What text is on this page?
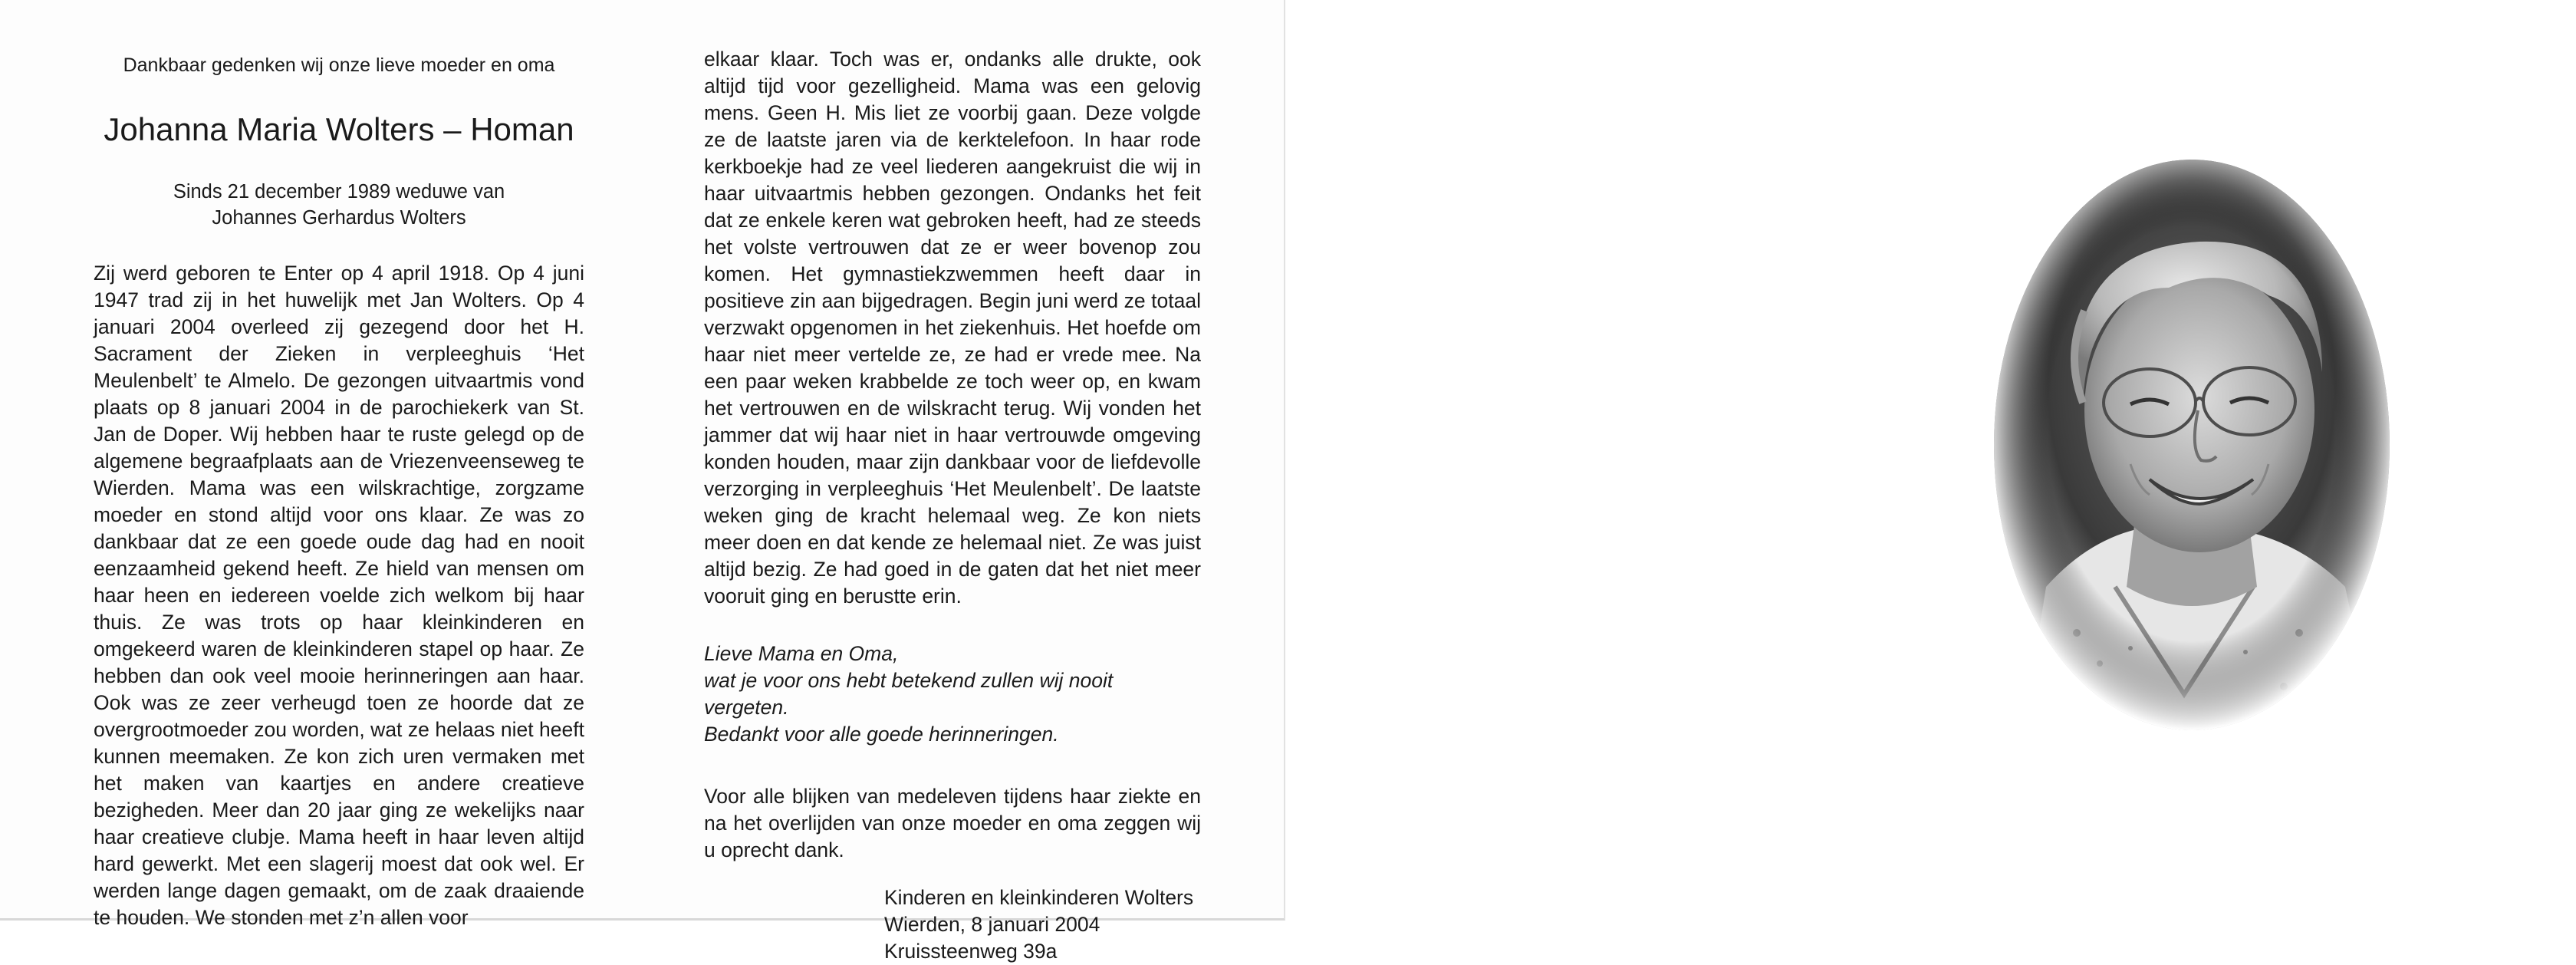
Dankbaar gedenken wij onze lieve moeder en oma

Johanna Maria Wolters – Homan

Sinds 21 december 1989 weduwe van
Johannes Gerhardus Wolters

Zij werd geboren te Enter op 4 april 1918. Op 4 juni 1947 trad zij in het huwelijk met Jan Wolters. Op 4 januari 2004 overleed zij gezegend door het H. Sacrament der Zieken in verpleeghuis ‘Het Meulenbelt’ te Almelo. De gezongen uitvaartmis vond plaats op 8 januari 2004 in de parochiekerk van St. Jan de Doper. Wij hebben haar te ruste gelegd op de algemene begraafplaats aan de Vriezenveenseweg te Wierden. Mama was een wilskrachtige, zorgzame moeder en stond altijd voor ons klaar. Ze was zo dankbaar dat ze een goede oude dag had en nooit eenzaamheid gekend heeft. Ze hield van mensen om haar heen en iedereen voelde zich welkom bij haar thuis. Ze was trots op haar kleinkinderen en omgekeerd waren de kleinkinderen stapel op haar. Ze hebben dan ook veel mooie herinneringen aan haar. Ook was ze zeer verheugd toen ze hoorde dat ze overgrootmoeder zou worden, wat ze helaas niet heeft kunnen meemaken. Ze kon zich uren vermaken met het maken van kaartjes en andere creatieve bezigheden. Meer dan 20 jaar ging ze wekelijks naar haar creatieve clubje. Mama heeft in haar leven altijd hard gewerkt. Met een slagerij moest dat ook wel. Er werden lange dagen gemaakt, om de zaak draaiende te houden. We stonden met z’n allen voor

elkaar klaar. Toch was er, ondanks alle drukte, ook altijd tijd voor gezelligheid. Mama was een gelovig mens. Geen H. Mis liet ze voorbij gaan. Deze volgde ze de laatste jaren via de kerktelefoon. In haar rode kerkboekje had ze veel liederen aangekruist die wij in haar uitvaartmis hebben gezongen. Ondanks het feit dat ze enkele keren wat gebroken heeft, had ze steeds het volste vertrouwen dat ze er weer bovenop zou komen. Het gymnastiekzwemmen heeft daar in positieve zin aan bijgedragen. Begin juni werd ze totaal verzwakt opgenomen in het ziekenhuis. Het hoefde om haar niet meer vertelde ze, ze had er vrede mee. Na een paar weken krabbelde ze toch weer op, en kwam het vertrouwen en de wilskracht terug. Wij vonden het jammer dat wij haar niet in haar vertrouwde omgeving konden houden, maar zijn dankbaar voor de liefdevolle verzorging in verpleeghuis ‘Het Meulenbelt’. De laatste weken ging de kracht helemaal weg. Ze kon niets meer doen en dat kende ze helemaal niet. Ze was juist altijd bezig. Ze had goed in de gaten dat het niet meer vooruit ging en berustte erin.

Lieve Mama en Oma,
wat je voor ons hebt betekend zullen wij nooit vergeten.
Bedankt voor alle goede herinneringen.

Voor alle blijken van medeleven tijdens haar ziekte en na het overlijden van onze moeder en oma zeggen wij u oprecht dank.

Kinderen en kleinkinderen Wolters
Wierden, 8 januari 2004
Kruissteenweg 39a
